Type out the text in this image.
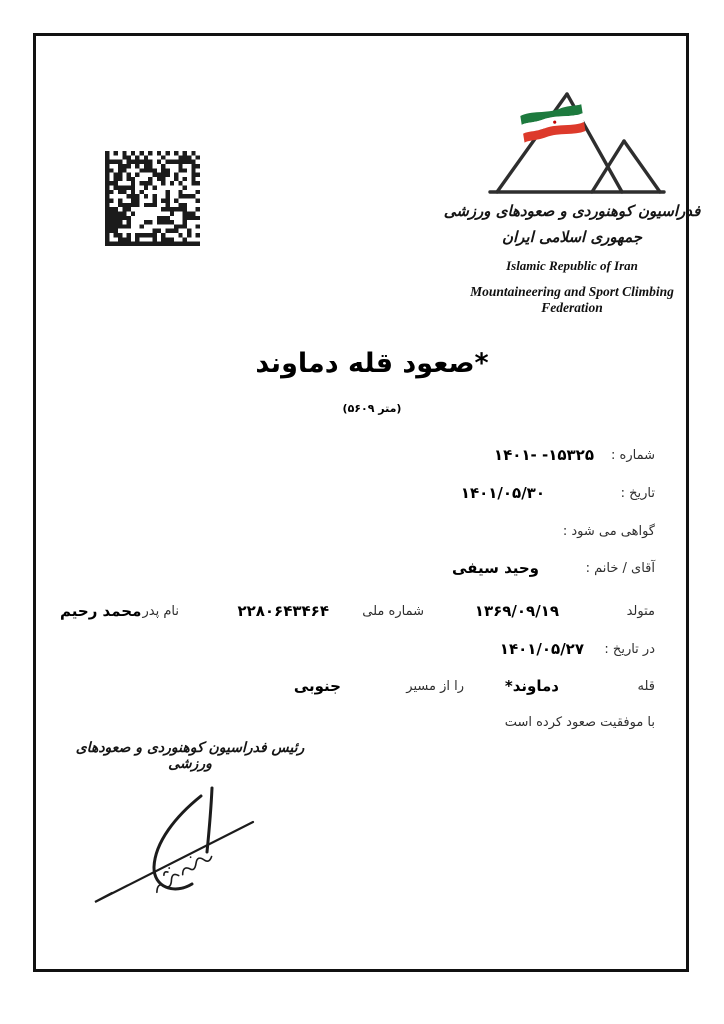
فدراسیون کوهنوردی و صعودهای ورزشی
جمهوری اسلامی ایران
Islamic Republic of Iran
Mountaineering and Sport Climbing Federation
*صعود قله دماوند
(۵۶۰۹ متر)
شماره :
۱۴۰۱- -۱۵۳۲۵
تاریخ :
۱۴۰۱/۰۵/۳۰
گواهی می شود :
آقای / خانم :
وحید سیفی
متولد
۱۳۶۹/۰۹/۱۹
شماره ملی
۲۲۸۰۶۴۳۴۶۴
نام پدر
محمد رحیم
در تاریخ :
۱۴۰۱/۰۵/۲۷
قله
*دماوند
را از مسیر
جنوبی
با موفقیت صعود کرده است
رئیس فدراسیون کوهنوردی و صعودهای ورزشی
